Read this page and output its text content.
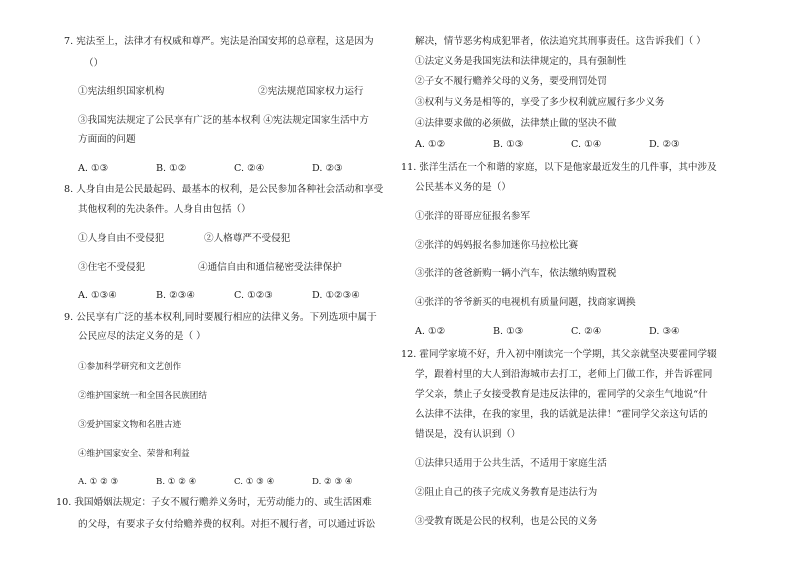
7. 宪法至上，法律才有权威和尊严。宪法是治国安邦的总章程，这是因为
（）
①宪法组织国家机构	②宪法规范国家权力运行
③我国宪法规定了公民享有广泛的基本权利 ④宪法规定国家生活中方
方面面的问题
A. ①③	B. ①②	C. ②④	D. ②③
8. 人身自由是公民最起码、最基本的权利，是公民参加各种社会活动和享受
其他权利的先决条件。人身自由包括（）
①人身自由不受侵犯	②人格尊严不受侵犯
③住宅不受侵犯	④通信自由和通信秘密受法律保护
A. ①③④	B. ②③④	C. ①②③	D. ①②③④
9. 公民享有广泛的基本权利,同时要履行相应的法律义务。下列选项中属于
公民应尽的法定义务的是（ ）
①参加科学研究和文艺创作
②维护国家统一和全国各民族团结
③爱护国家文物和名胜古迹
④维护国家安全、荣誉和利益
A. ① ② ③	B. ① ② ④	C. ① ③ ④	D. ② ③ ④
10. 我国婚姻法规定：子女不履行赡养义务时，无劳动能力的、或生活困难
的父母，有要求子女付给赡养费的权利。对拒不履行者，可以通过诉讼
解决，情节恶劣构成犯罪者，依法追究其刑事责任。这告诉我们（ ）
①法定义务是我国宪法和法律规定的，具有强制性
②子女不履行赡养父母的义务，要受刑罚处罚
③权利与义务是相等的，享受了多少权利就应履行多少义务
④法律要求做的必须做，法律禁止做的坚决不做
A. ①②	B. ①③	C. ①④	D. ②③
11. 张洋生活在一个和谐的家庭，以下是他家最近发生的几件事，其中涉及
公民基本义务的是（）
①张洋的哥哥应征报名参军
②张洋的妈妈报名参加迷你马拉松比赛
③张洋的爸爸新购一辆小汽车，依法缴纳购置税
④张洋的爷爷新买的电视机有质量问题，找商家调换
A. ①②	B. ①③	C. ②④	D. ③④
12. 霍同学家境不好，升入初中刚读完一个学期，其父亲就坚决要霍同学辍
学，跟着村里的大人到沿海城市去打工，老师上门做工作，并告诉霍同
学父亲，禁止子女接受教育是违反法律的，霍同学的父亲生气地说“什
么法律不法律，在我的家里，我的话就是法律！”霍同学父亲这句话的
错误是，没有认识到（）
①法律只适用于公共生活，不适用于家庭生活
②阻止自己的孩子完成义务教育是违法行为
③受教育既是公民的权利，也是公民的义务
